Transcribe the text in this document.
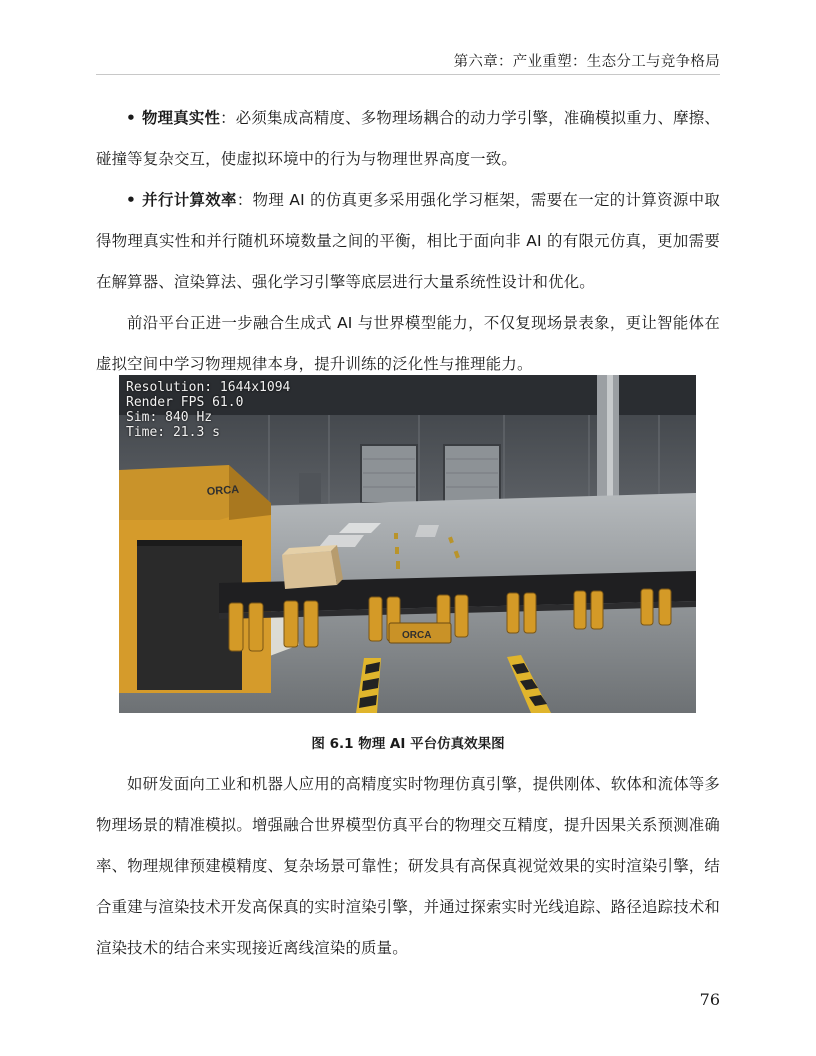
第六章：产业重塑：生态分工与竞争格局

• 物理真实性：必须集成高精度、多物理场耦合的动力学引擎，准确模拟重力、摩擦、碰撞等复杂交互，使虚拟环境中的行为与物理世界高度一致。

• 并行计算效率：物理 AI 的仿真更多采用强化学习框架，需要在一定的计算资源中取得物理真实性和并行随机环境数量之间的平衡，相比于面向非 AI 的有限元仿真，更加需要在解算器、渲染算法、强化学习引擎等底层进行大量系统性设计和优化。

前沿平台正进一步融合生成式 AI 与世界模型能力，不仅复现场景表象，更让智能体在虚拟空间中学习物理规律本身，提升训练的泛化性与推理能力。

ORCA
ORCA
Resolution: 1644x1094
Render FPS 61.0
Sim: 840 Hz
Time: 21.3 s
图 6.1 物理 AI 平台仿真效果图

如研发面向工业和机器人应用的高精度实时物理仿真引擎，提供刚体、软体和流体等多物理场景的精准模拟。增强融合世界模型仿真平台的物理交互精度，提升因果关系预测准确率、物理规律预建模精度、复杂场景可靠性；研发具有高保真视觉效果的实时渲染引擎，结合重建与渲染技术开发高保真的实时渲染引擎，并通过探索实时光线追踪、路径追踪技术和渲染技术的结合来实现接近离线渲染的质量。

76
